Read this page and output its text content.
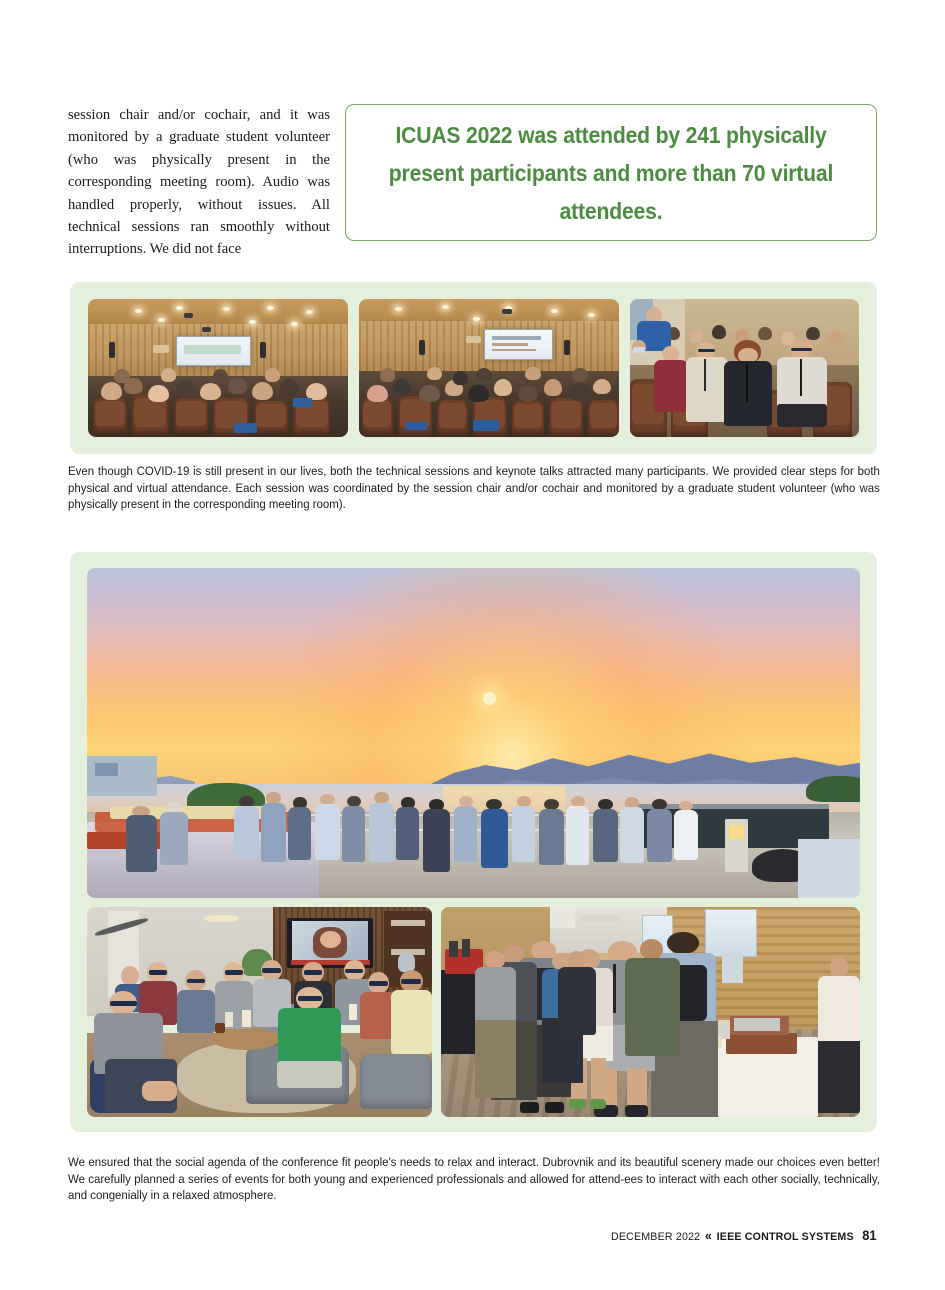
session chair and/or cochair, and it was monitored by a graduate student volunteer (who was physically present in the corresponding meeting room). Audio was handled properly, without issues. All technical sessions ran smoothly without interruptions. We did not face
ICUAS 2022 was attended by 241 physically present participants and more than 70 virtual attendees.
Even though COVID-19 is still present in our lives, both the technical sessions and keynote talks attracted many participants. We provided clear steps for both physical and virtual attendance. Each session was coordinated by the session chair and/or cochair and monitored by a graduate student volunteer (who was physically present in the corresponding meeting room).
We ensured that the social agenda of the conference fit people's needs to relax and interact. Dubrovnik and its beautiful scenery made our choices even better! We carefully planned a series of events for both young and experienced professionals and allowed for attend-ees to interact with each other socially, technically, and congenially in a relaxed atmosphere.
DECEMBER 2022 « IEEE CONTROL SYSTEMS 81
